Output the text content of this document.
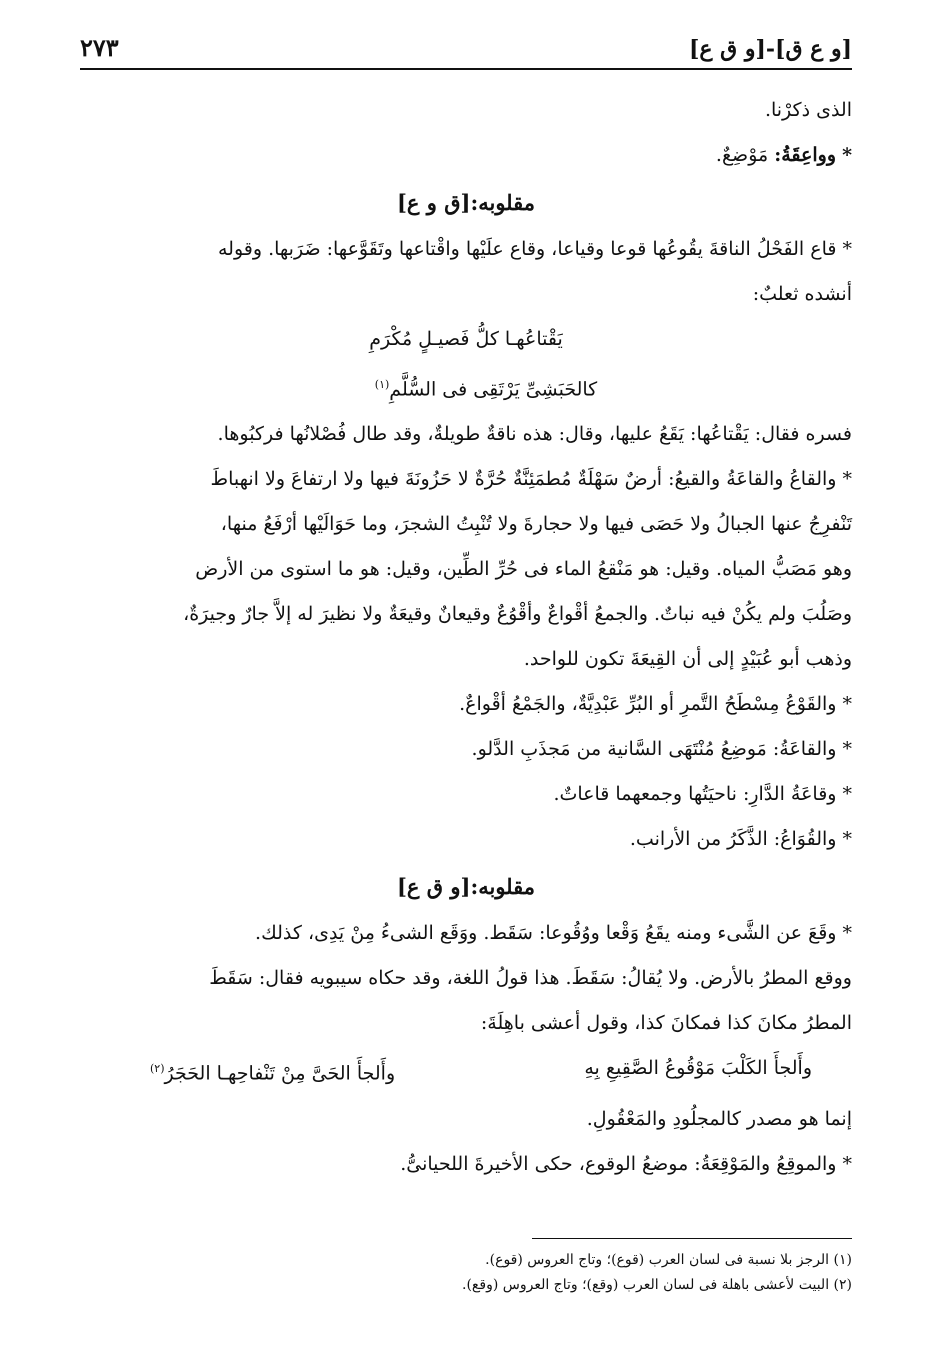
[و ع ق]-[و ق ع]
٢٧٣

الذى ذكرْنا.

* وواعِقَةُ: مَوْضِعٌ.

مقلوبه:[ق و ع]

* قاع الفَحْلُ الناقةَ يقُوعُها قوعا وقياعا، وقاع علَيْها واقْتاعها وتَقَوَّعها: ضَرَبها. وقوله

أنشده ثعلبٌ:

يَقْتاعُهـا كلُّ فَصيـلٍ مُكْرَمِ

كالحَبَشِىِّ يَرْتَقِى فى السُّلَّمِ$^{(١)}$

فسره فقال: يَقْتاعُها: يَقَعُ عليها، وقال: هذه ناقةٌ طويلةٌ، وقد طال فُصْلانُها فركبُوها.

* والقاعُ والقاعَةُ والقيعُ: أرضٌ سَهْلَةٌ مُطمَئِنَّةٌ حُرَّةٌ لا حَزُونَةَ فيها ولا ارتفاعَ ولا انهباطَ

تَنْفرِجُ عنها الجبالُ ولا حَصَى فيها ولا حجارةَ ولا تُنْبِتُ الشجرَ، وما حَوَالَيْها أرْفَعُ منها،

وهو مَصَبُّ المياه. وقيل: هو مَنْقعُ الماء فى حُرِّ الطِّين، وقيل: هو ما استوى من الأرض

وصَلُبَ ولم يكُنْ فيه نباتٌ. والجمعُ أقْواعٌ وأقْوُعٌ وقيعانٌ وقيعَةٌ ولا نظيرَ له إلاَّ جارٌ وجيرَةٌ،

وذهب أبو عُبَيْدٍ إلى أن القِيعَةَ تكون للواحد.

* والقَوْعُ مِسْطَحُ التَّمرِ أو البُرِّ عَبْدِيَّةٌ، والجَمْعُ أقْواعٌ.

* والقاعَةُ: مَوضِعُ مُنْتَهَى السَّانية من مَجذَبِ الدَّلو.

* وقاعَةُ الدَّارِ: ناحيَتُها وجمعهما قاعاتٌ.

* والقُوَاعُ: الذَّكَرُ من الأرانب.

مقلوبه:[و ق ع]

* وقَعَ عن الشَّىء ومنه يقَعُ وَقْعا ووُقُوعا: سَقَط. ووَقَع الشىءُ مِنْ يَدِى، كذلك.

ووقع المطرُ بالأرض. ولا يُقالُ: سَقَطَ. هذا قولُ اللغة، وقد حكاه سيبويه فقال: سَقَطَ

المطرُ مكانَ كذا فمكانَ كذا، وقول أعشى باهِلَةَ:

وأَلجأَ الكَلْبَ مَوْقُوعُ الصَّقِيعِ بِهِ
وأَلجأَ الحَىَّ مِنْ تَنْفاحِهـا الحَجَرُ$^{(٢)}$

إنما هو مصدر كالمجلُودِ والمَعْقُولِ.

* والموقِعُ والمَوْقِعَةُ: موضعُ الوقوع، حكى الأخيرةَ اللحيانىُّ.

(١) الرجز بلا نسبة فى لسان العرب (قوع)؛ وتاج العروس (قوع).

(٢) البيت لأعشى باهلة فى لسان العرب (وقع)؛ وتاج العروس (وقع).
